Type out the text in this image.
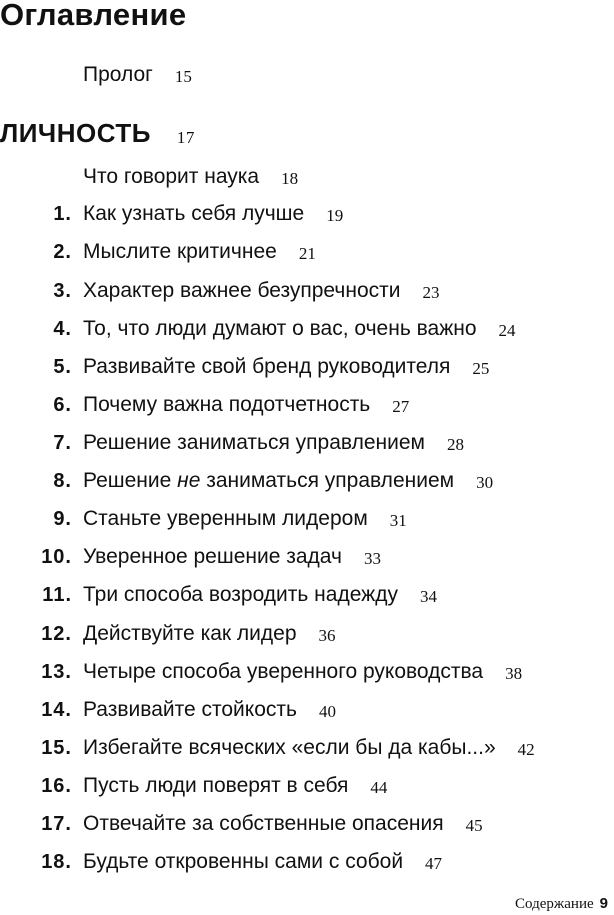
Оглавление
Пролог 15
ЛИЧНОСТЬ 17
Что говорит наука 18
1. Как узнать себя лучше 19
2. Мыслите критичнее 21
3. Характер важнее безупречности 23
4. То, что люди думают о вас, очень важно 24
5. Развивайте свой бренд руководителя 25
6. Почему важна подотчетность 27
7. Решение заниматься управлением 28
8. Решение не заниматься управлением 30
9. Станьте уверенным лидером 31
10. Уверенное решение задач 33
11. Три способа возродить надежду 34
12. Действуйте как лидер 36
13. Четыре способа уверенного руководства 38
14. Развивайте стойкость 40
15. Избегайте всяческих «если бы да кабы...» 42
16. Пусть люди поверят в себя 44
17. Отвечайте за собственные опасения 45
18. Будьте откровенны сами с собой 47
Содержание 9
